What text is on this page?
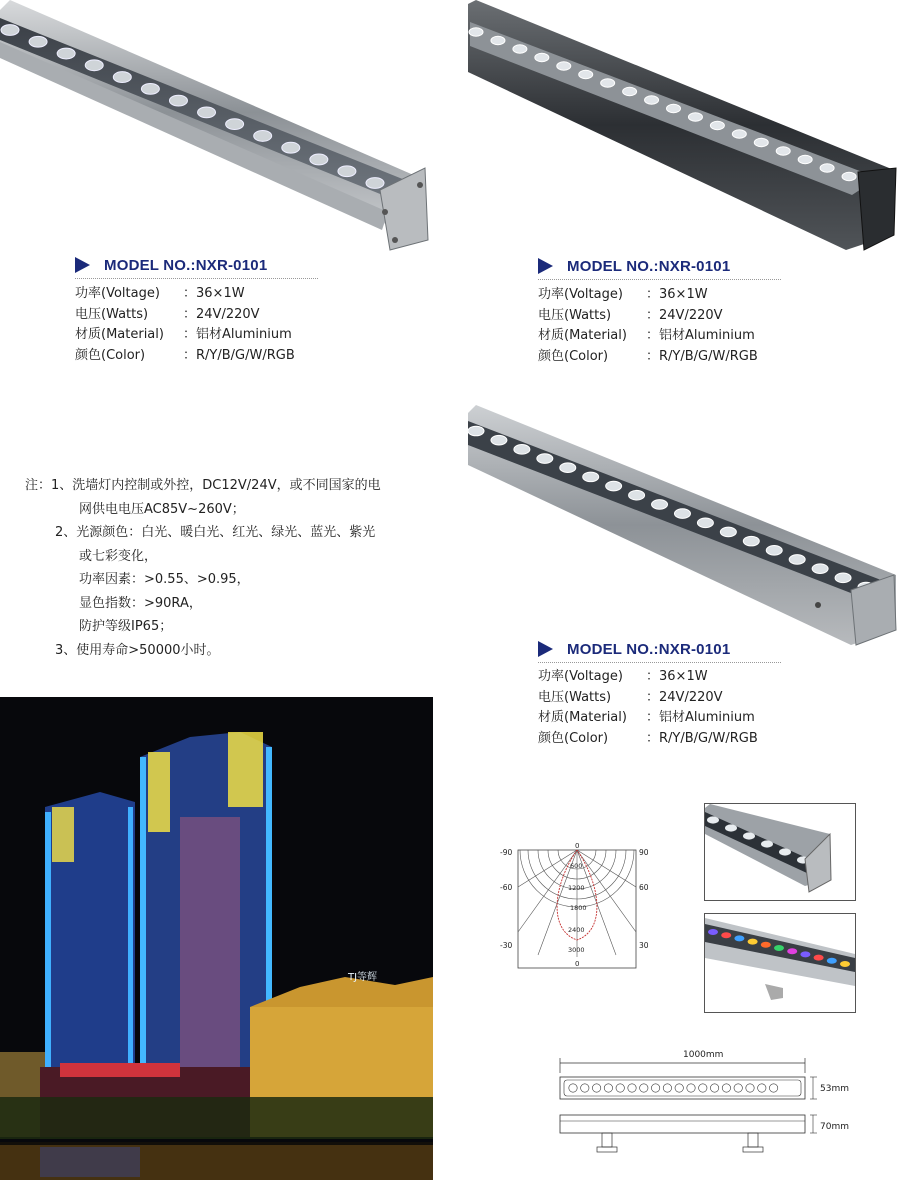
MODEL NO.:NXR-0101	MODEL NO.:NXR-0101
MODEL NO.:NXR-0101
功率(Voltage)	： 36×1W
电压(Watts)	： 24V/220V
材质(Material)	： 铝材Aluminium
颜色(Color)	： R/Y/B/G/W/RGB
功率(Voltage)	： 36×1W
电压(Watts)	： 24V/220V
材质(Material)	： 铝材Aluminium
颜色(Color)	： R/Y/B/G/W/RGB
功率(Voltage)	： 36×1W
电压(Watts)	： 24V/220V
材质(Material)	： 铝材Aluminium
颜色(Color)	： R/Y/B/G/W/RGB
注：1、洗墙灯内控制或外控，DC12V/24V，或不同国家的电
网供电电压AC85V~260V；
2、光源颜色：白光、暖白光、红光、绿光、蓝光、紫光
或七彩变化，
功率因素：>0.55、>0.95，
显色指数：>90RA，
防护等级IP65；
3、使用寿命>50000小时。
TJ等辉
-90
-60
-30
90
60
30
0
0
600
1200
1800
2400
3000
1000mm
53mm
70mm
